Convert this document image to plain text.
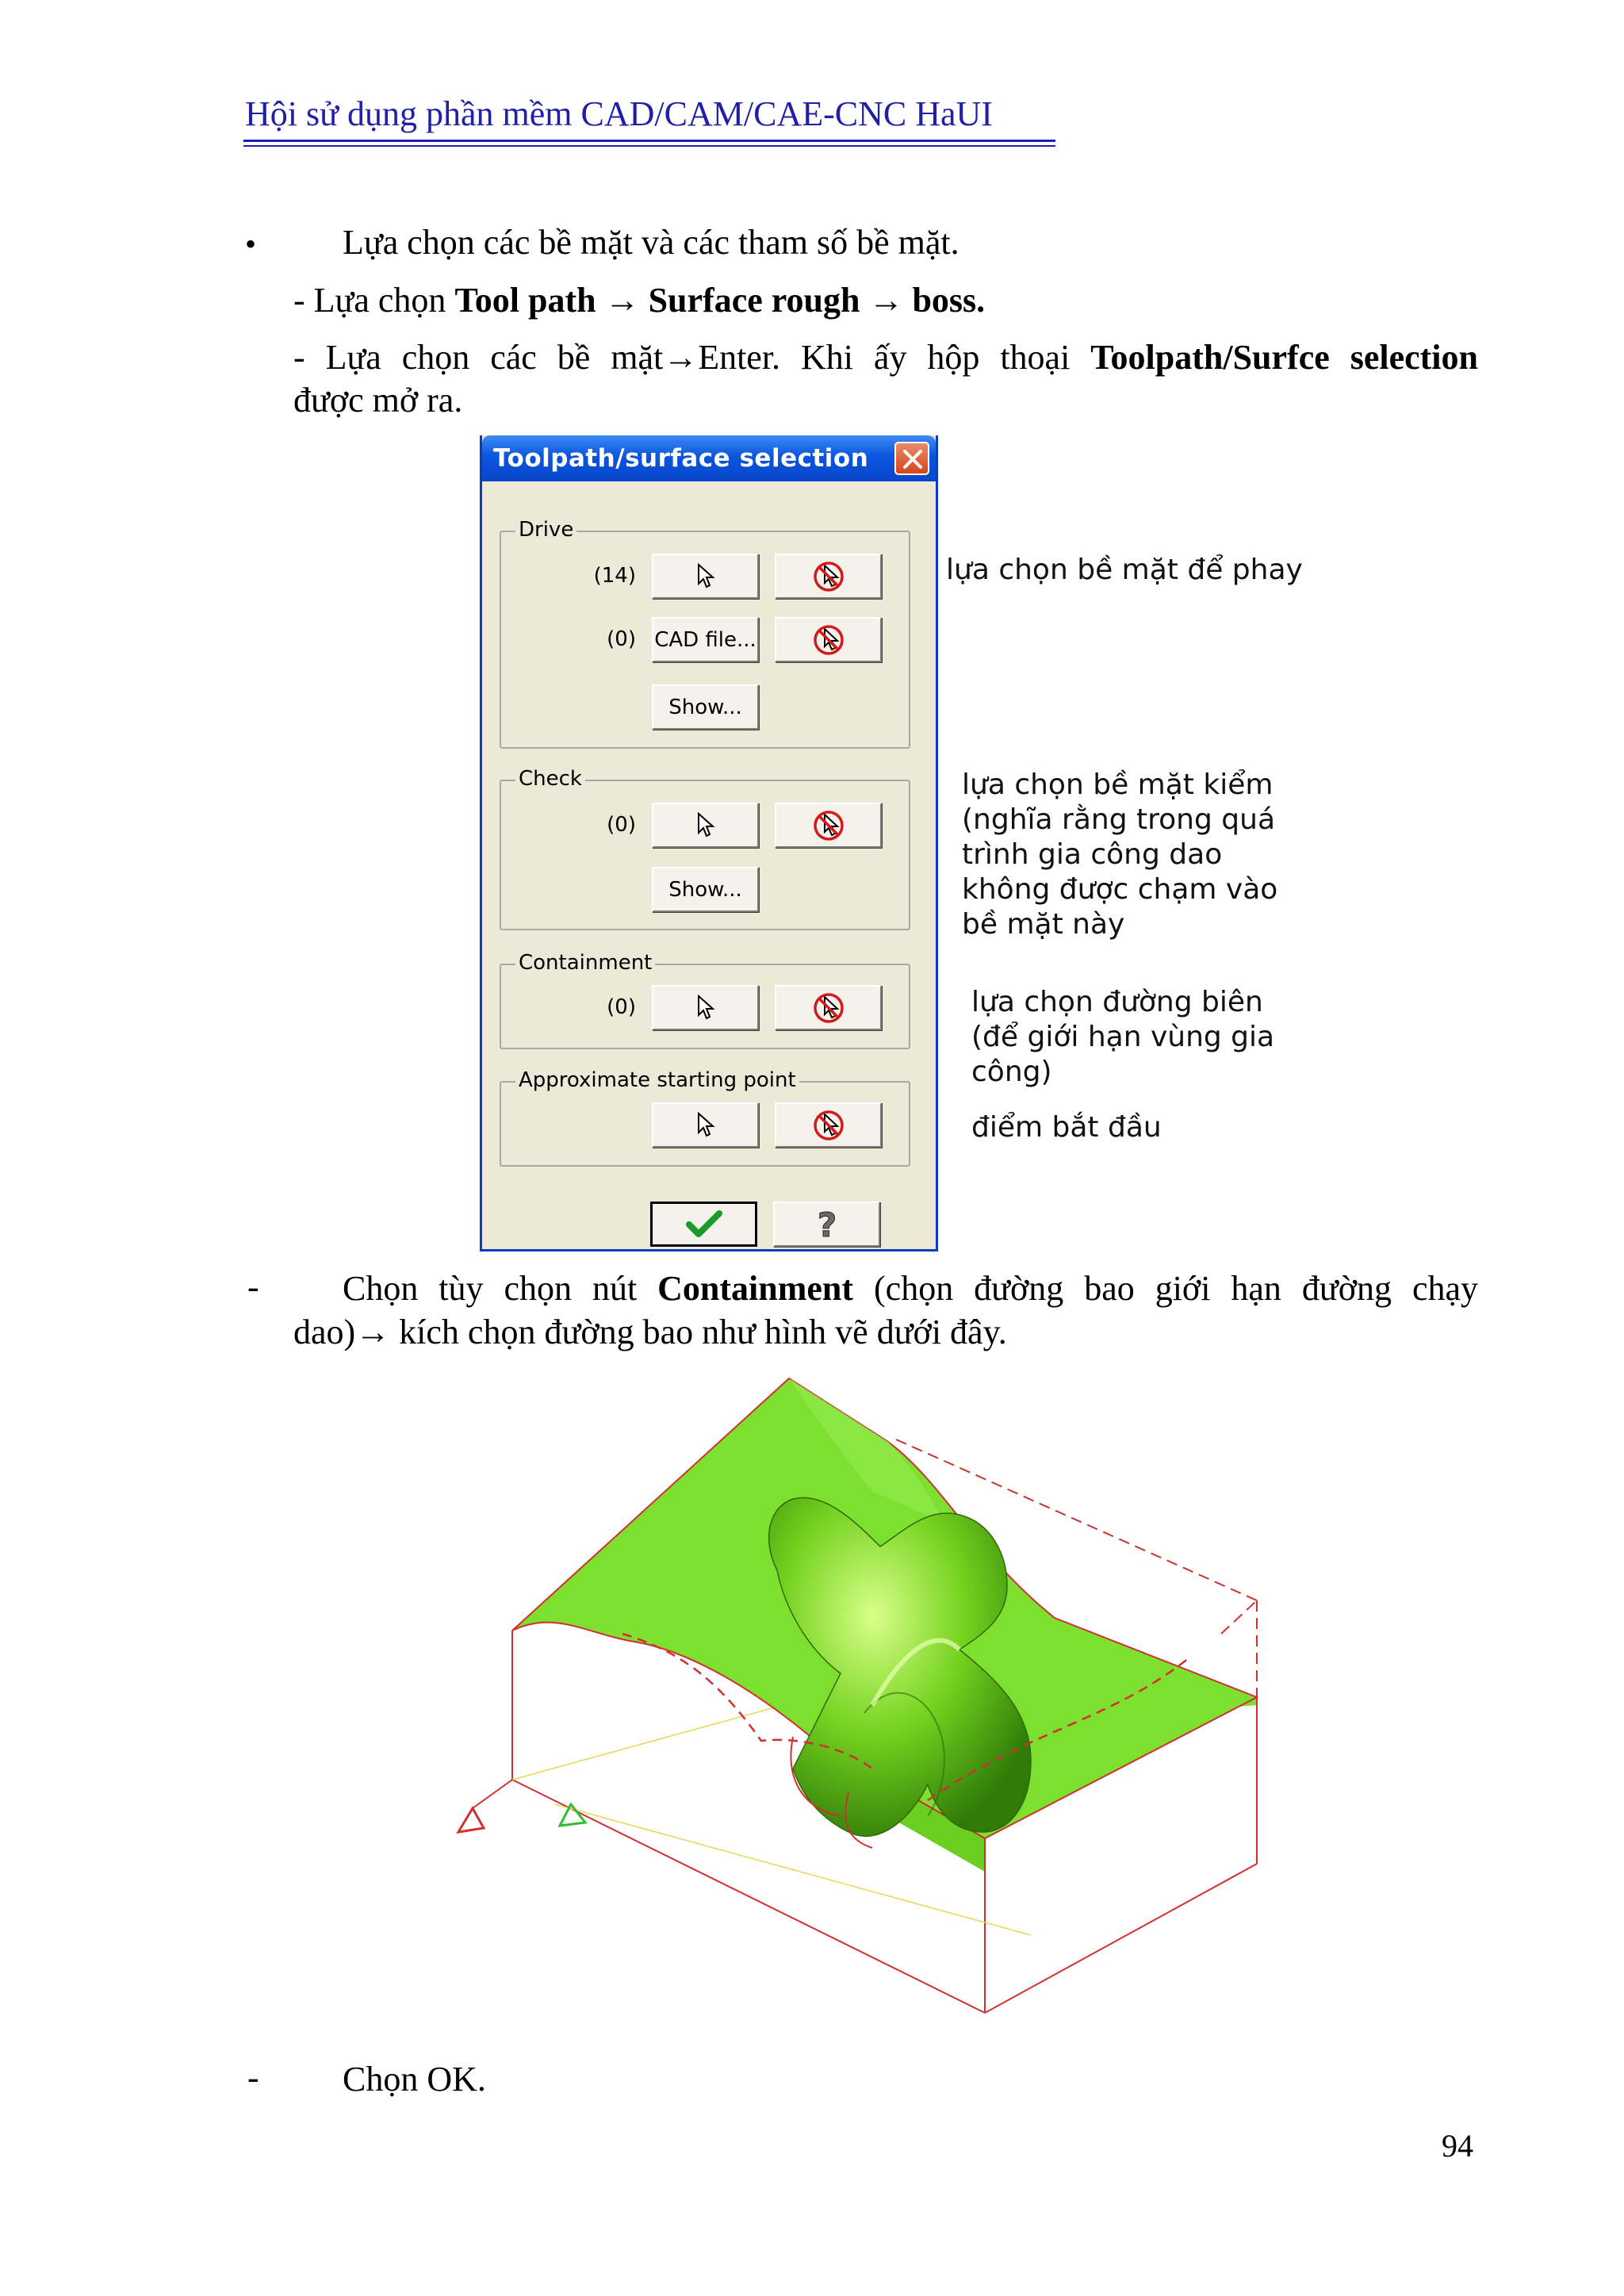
Hội sử dụng phần mềm CAD/CAM/CAE-CNC HaUI
• Lựa chọn các bề mặt và các tham số bề mặt.
- Lựa chọn Tool path → Surface rough → boss.
- Lựa chọn các bề mặt→Enter. Khi ấy hộp thoại Toolpath/Surfce selection
được mở ra.
Toolpath/surface selection
Drive
(14)
(0) CAD file...
Show...
Check
(0)
Show...
Containment
(0)
Approximate starting point
?
lựa chọn bề mặt để phay
lựa chọn bề mặt kiểm
(nghĩa rằng trong quá
trình gia công dao
không được chạm vào
bề mặt này
lựa chọn đường biên
(để giới hạn vùng gia
công)
điểm bắt đầu
- Chọn tùy chọn nút Containment (chọn đường bao giới hạn đường chạy
dao)→ kích chọn đường bao như hình vẽ dưới đây.
- Chọn OK.
94
